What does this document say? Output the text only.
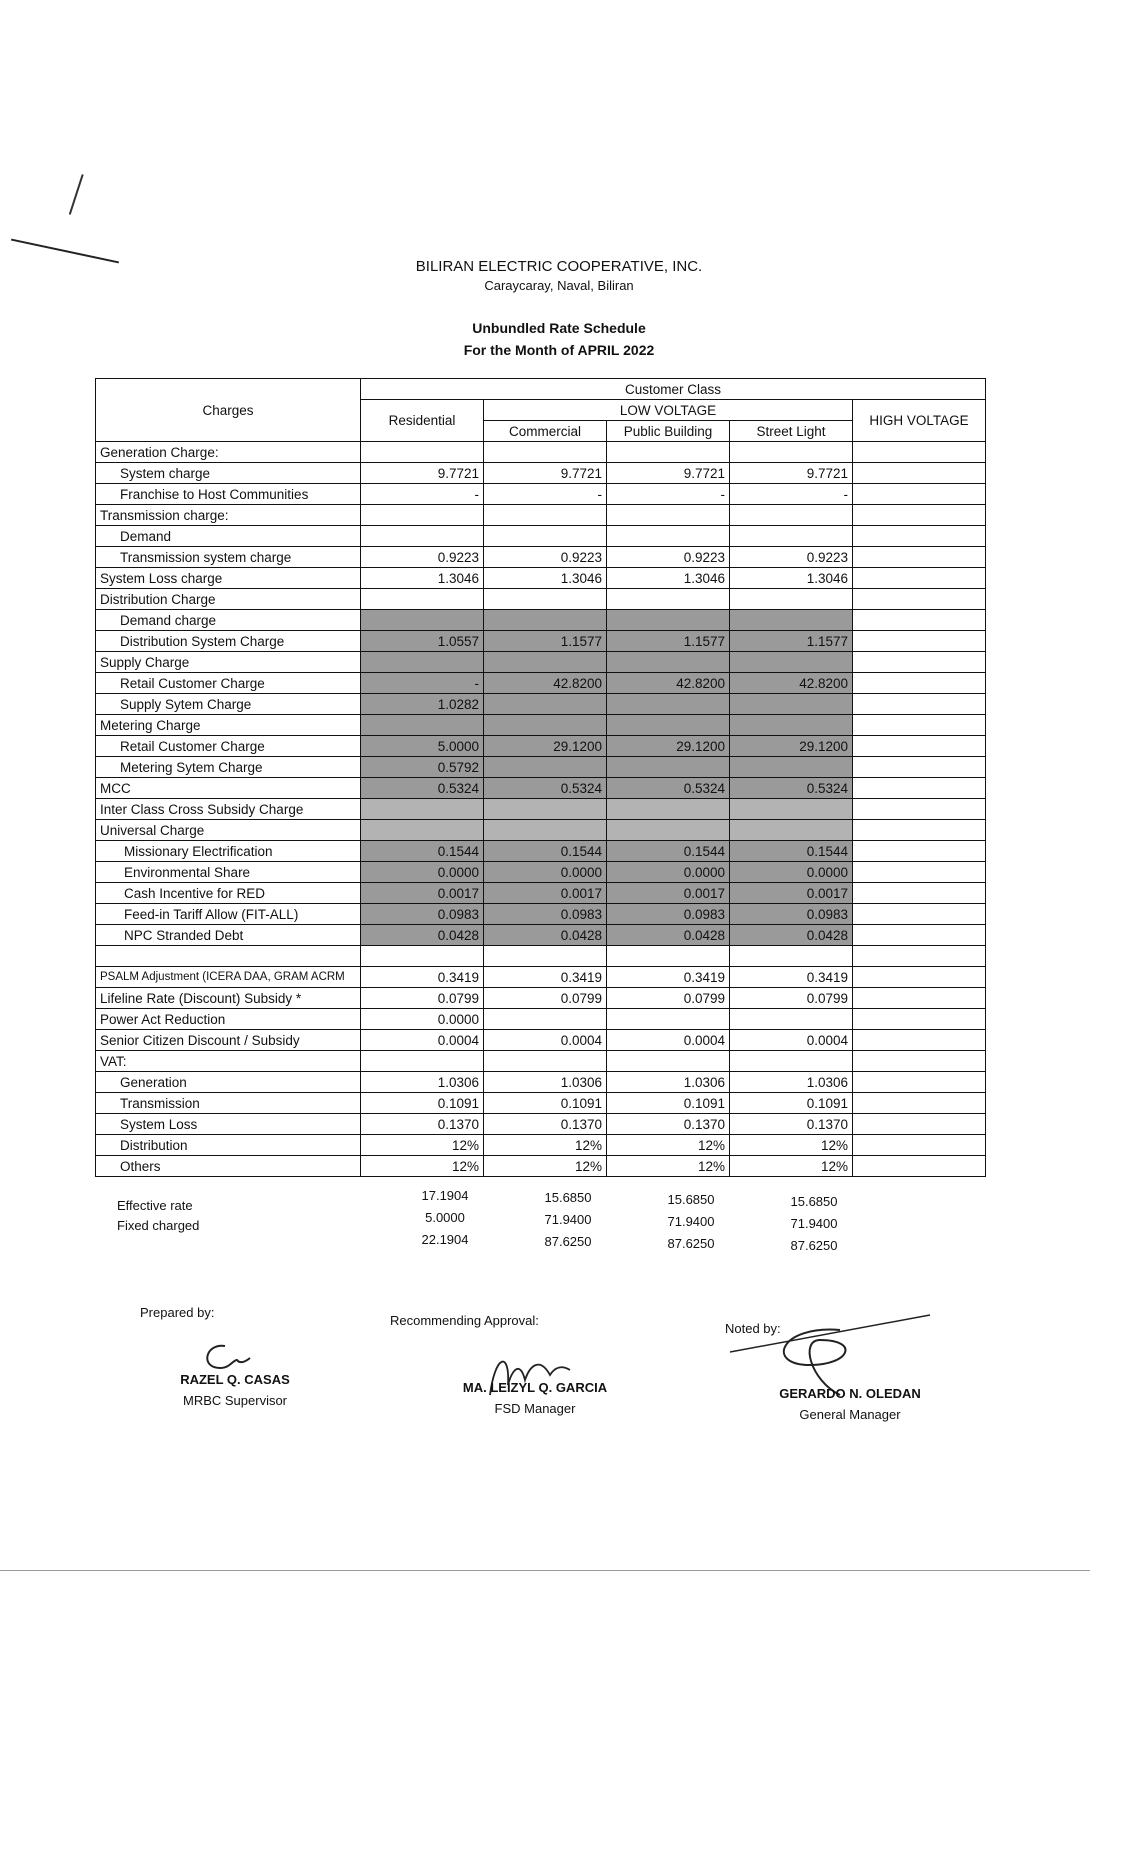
BILIRAN ELECTRIC COOPERATIVE, INC.
Caraycaray, Naval, Biliran
Unbundled Rate Schedule
For the Month of APRIL 2022
Charges	Customer Class				
	Residential	LOW VOLTAGE			HIGH VOLTAGE
		Commercial	Public Building	Street Light	
Generation Charge:					
System charge	9.7721	9.7721	9.7721	9.7721	
Franchise to Host Communities	-	-	-	-	
Transmission charge:					
Demand					
Transmission system charge	0.9223	0.9223	0.9223	0.9223	
System Loss charge	1.3046	1.3046	1.3046	1.3046	
Distribution Charge					
Demand charge					
Distribution System Charge	1.0557	1.1577	1.1577	1.1577	
Supply Charge					
Retail Customer Charge	-	42.8200	42.8200	42.8200	
Supply Sytem Charge	1.0282				
Metering Charge					
Retail Customer Charge	5.0000	29.1200	29.1200	29.1200	
Metering Sytem Charge	0.5792				
MCC	0.5324	0.5324	0.5324	0.5324	
Inter Class Cross Subsidy Charge					
Universal Charge					
Missionary Electrification	0.1544	0.1544	0.1544	0.1544	
Environmental Share	0.0000	0.0000	0.0000	0.0000	
Cash Incentive for RED	0.0017	0.0017	0.0017	0.0017	
Feed-in Tariff Allow (FIT-ALL)	0.0983	0.0983	0.0983	0.0983	
NPC Stranded Debt	0.0428	0.0428	0.0428	0.0428	

PSALM Adjustment (ICERA DAA, GRAM ACRM	0.3419	0.3419	0.3419	0.3419	
Lifeline Rate (Discount) Subsidy *	0.0799	0.0799	0.0799	0.0799	
Power Act Reduction	0.0000				
Senior Citizen Discount / Subsidy	0.0004	0.0004	0.0004	0.0004	
VAT:					
Generation	1.0306	1.0306	1.0306	1.0306	
Transmission	0.1091	0.1091	0.1091	0.1091	
System Loss	0.1370	0.1370	0.1370	0.1370	
Distribution	12%	12%	12%	12%	
Others	12%	12%	12%	12%	
Effective rate
Fixed charged
17.1904	15.6850	15.6850	15.6850
5.0000	71.9400	71.9400	71.9400
22.1904	87.6250	87.6250	87.6250
Prepared by:
RAZEL Q. CASAS
MRBC Supervisor
Recommending Approval:
MA. LEIZYL Q. GARCIA
FSD Manager
Noted by:
GERARDO N. OLEDAN
General Manager
